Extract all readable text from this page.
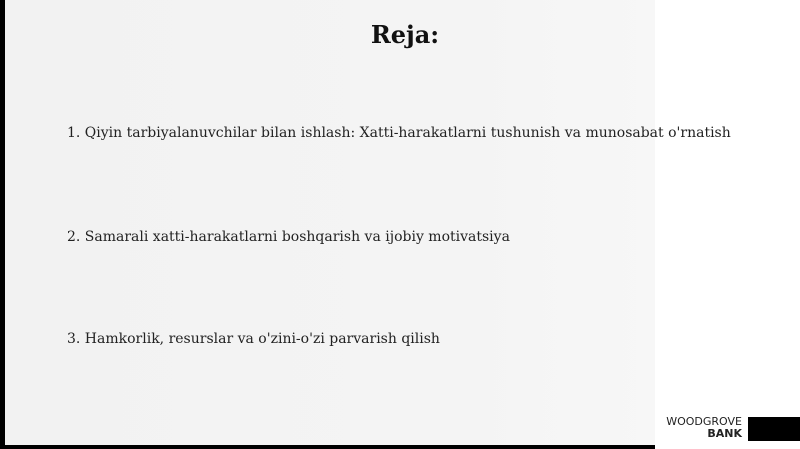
Reja:

1. Qiyin tarbiyalanuvchilar bilan ishlash: Xatti-harakatlarni tushunish va munosabat o'rnatish

2. Samarali xatti-harakatlarni boshqarish va ijobiy motivatsiya

3. Hamkorlik, resurslar va o'zini-o'zi parvarish qilish

WOODGROVE
BANK
